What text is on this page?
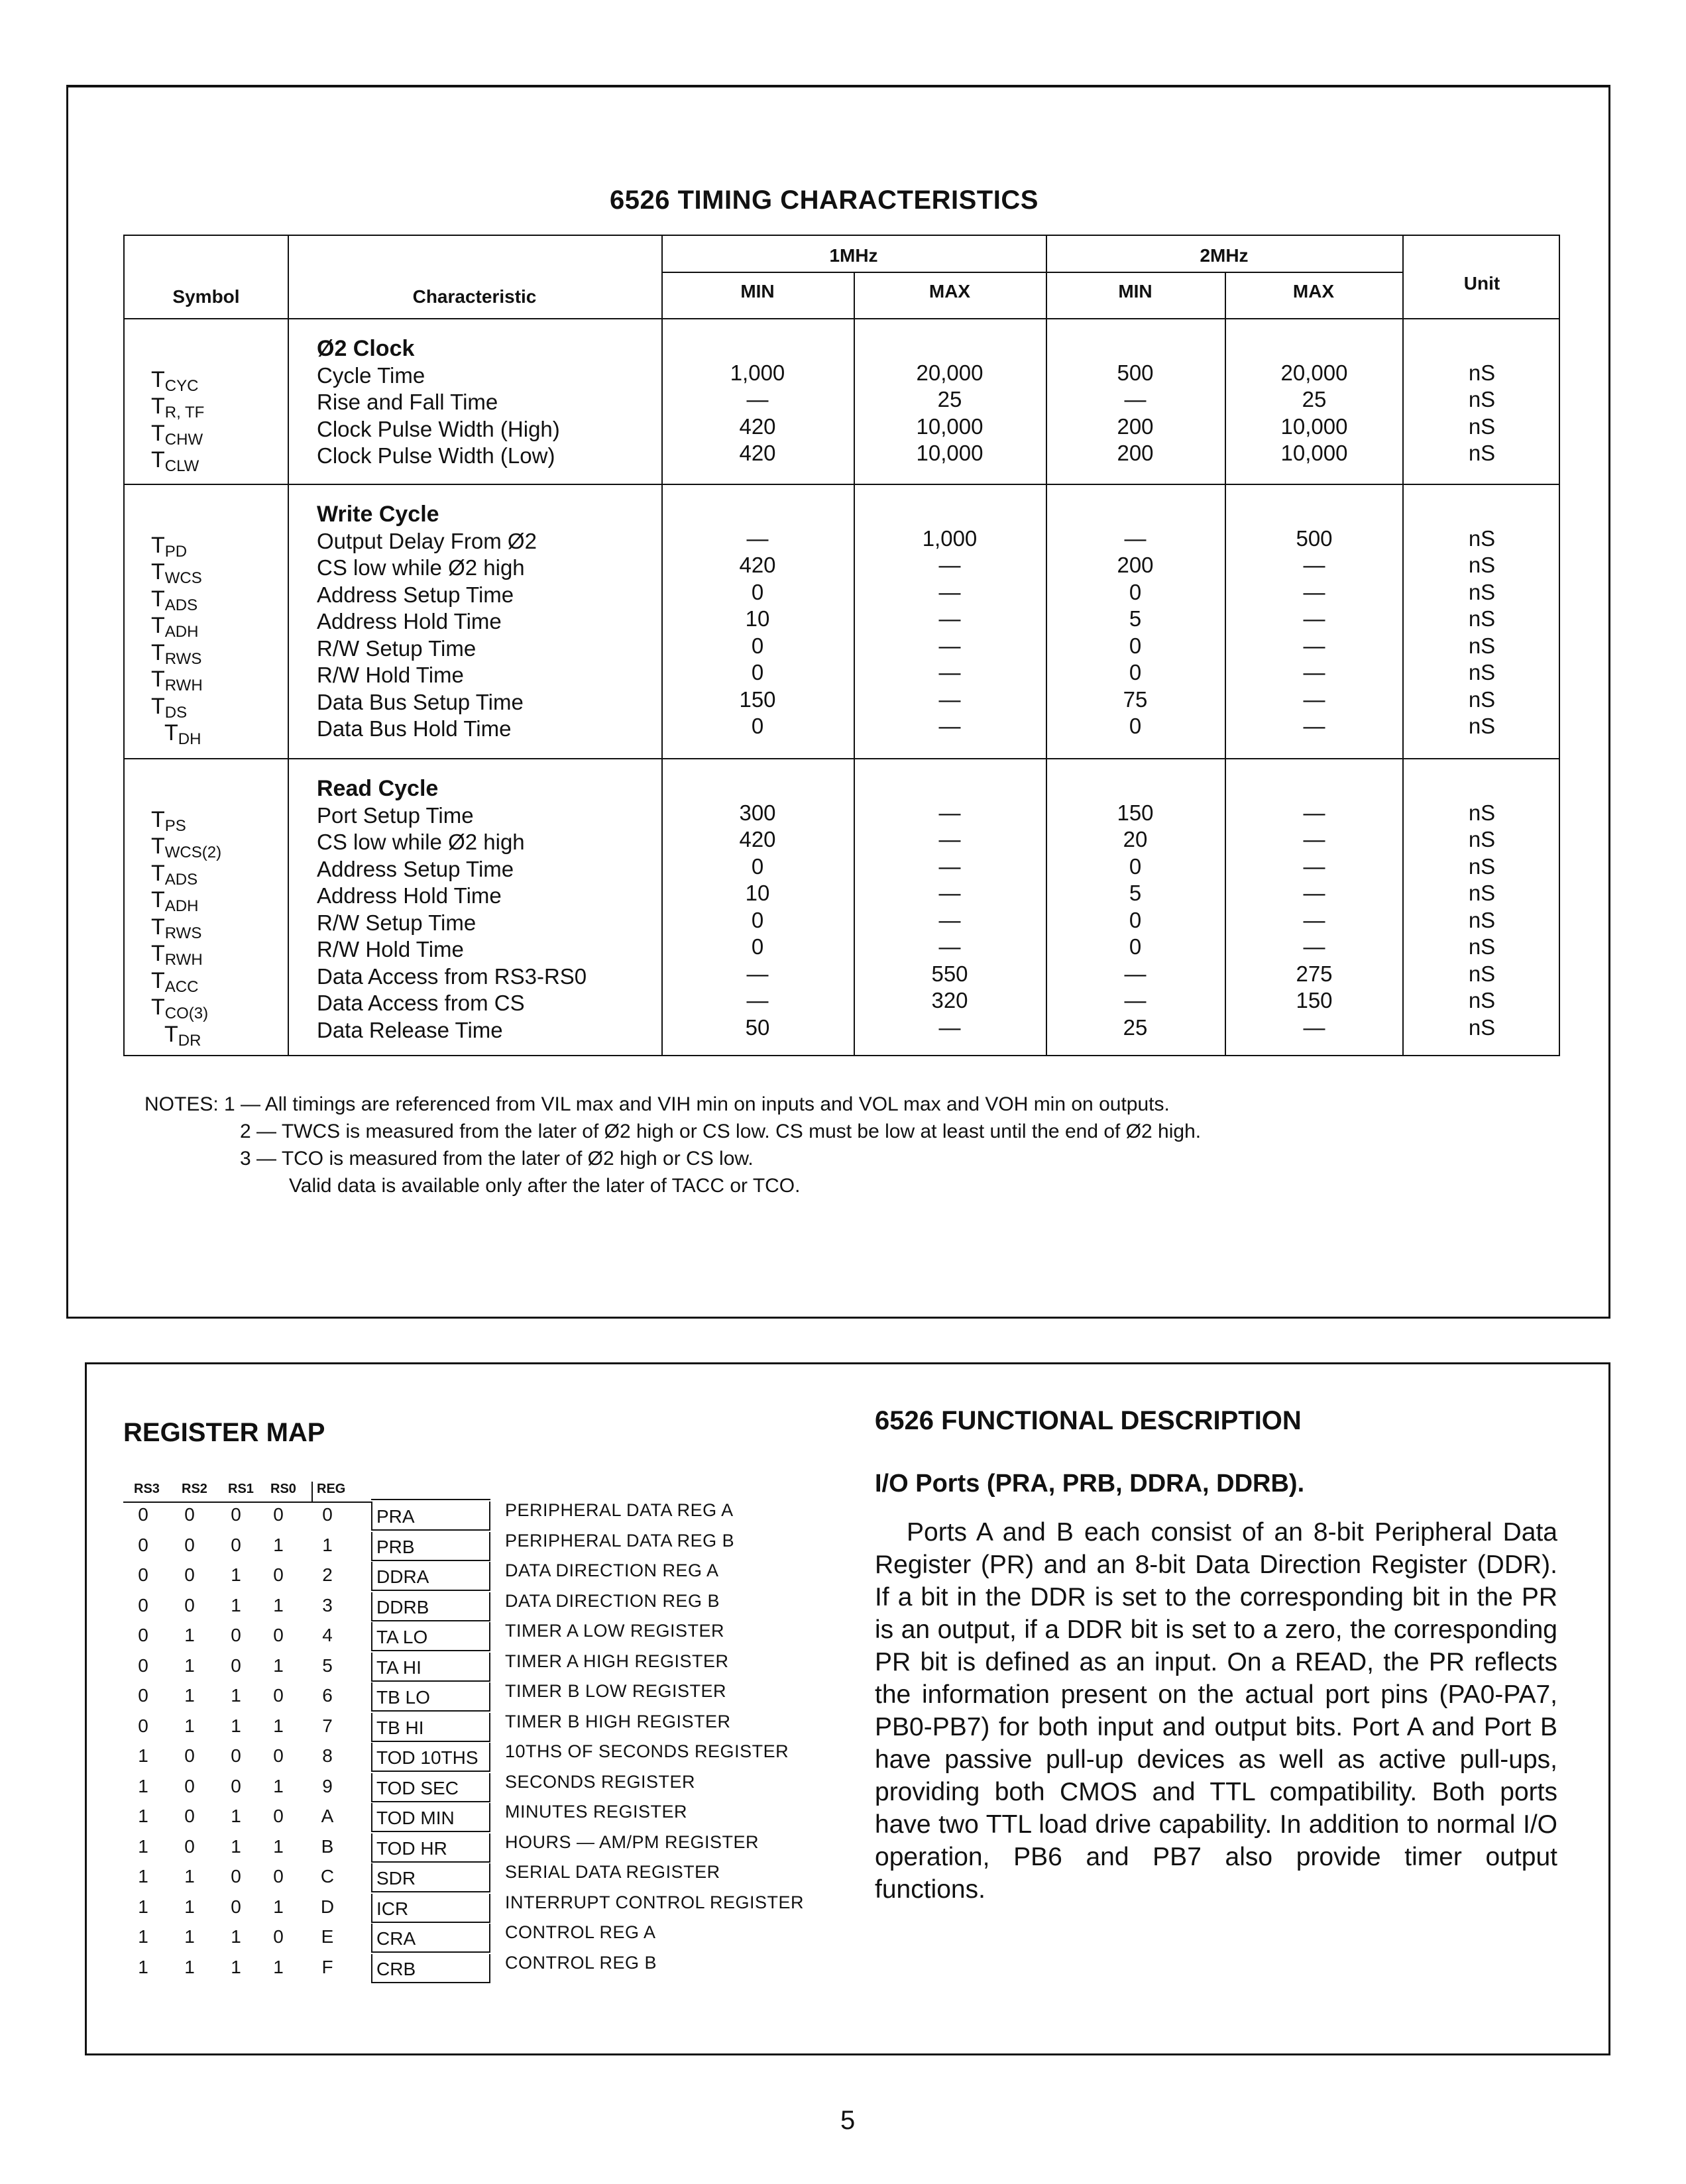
6526 TIMING CHARACTERISTICS
Symbol	Characteristic
1MHz	2MHz
MIN	MAX	MIN	MAX	Unit
Ø2 Clock
$T_{CYC}$	Cycle Time	1,000	20,000	500	20,000	nS
$T_{R, TF}$	Rise and Fall Time	—	25	—	25	nS
$T_{CHW}$	Clock Pulse Width (High)	420	10,000	200	10,000	nS
$T_{CLW}$	Clock Pulse Width (Low)	420	10,000	200	10,000	nS
Write Cycle
$T_{PD}$	Output Delay From Ø2	—	1,000	—	500	nS
$T_{WCS}$	CS low while Ø2 high	420	—	200	—	nS
$T_{ADS}$	Address Setup Time	0	—	0	—	nS
$T_{ADH}$	Address Hold Time	10	—	5	—	nS
$T_{RWS}$	R/W Setup Time	0	—	0	—	nS
$T_{RWH}$	R/W Hold Time	0	—	0	—	nS
$T_{DS}$	Data Bus Setup Time	150	—	75	—	nS
$T_{DH}$	Data Bus Hold Time	0	—	0	—	nS
Read Cycle
$T_{PS}$	Port Setup Time	300	—	150	—	nS
$T_{WCS(2)}$	CS low while Ø2 high	420	—	20	—	nS
$T_{ADS}$	Address Setup Time	0	—	0	—	nS
$T_{ADH}$	Address Hold Time	10	—	5	—	nS
$T_{RWS}$	R/W Setup Time	0	—	0	—	nS
$T_{RWH}$	R/W Hold Time	0	—	0	—	nS
$T_{ACC}$	Data Access from RS3-RS0	—	550	—	275	nS
$T_{CO(3)}$	Data Access from CS	—	320	—	150	nS
$T_{DR}$	Data Release Time	50	—	25	—	nS
NOTES: 1 — All timings are referenced from VIL max and VIH min on inputs and VOL max and VOH min on outputs.
2 — TWCS is measured from the later of Ø2 high or CS low. CS must be low at least until the end of Ø2 high.
3 — TCO is measured from the later of Ø2 high or CS low.
Valid data is available only after the later of TACC or TCO.
REGISTER MAP
RS3 RS2 RS1 RS0 REG
0	0	0	0	0	PRA	PERIPHERAL DATA REG A
0	0	0	1	1	PRB	PERIPHERAL DATA REG B
0	0	1	0	2	DDRA	DATA DIRECTION REG A
0	0	1	1	3	DDRB	DATA DIRECTION REG B
0	1	0	0	4	TA LO	TIMER A LOW REGISTER
0	1	0	1	5	TA HI	TIMER A HIGH REGISTER
0	1	1	0	6	TB LO	TIMER B LOW REGISTER
0	1	1	1	7	TB HI	TIMER B HIGH REGISTER
1	0	0	0	8	TOD 10THS	10THS OF SECONDS REGISTER
1	0	0	1	9	TOD SEC	SECONDS REGISTER
1	0	1	0	A	TOD MIN	MINUTES REGISTER
1	0	1	1	B	TOD HR	HOURS — AM/PM REGISTER
1	1	0	0	C	SDR	SERIAL DATA REGISTER
1	1	0	1	D	ICR	INTERRUPT CONTROL REGISTER
1	1	1	0	E	CRA	CONTROL REG A
1	1	1	1	F	CRB	CONTROL REG B
6526 FUNCTIONAL DESCRIPTION
I/O Ports (PRA, PRB, DDRA, DDRB).
Ports A and B each consist of an 8-bit Peripheral Data Register (PR) and an 8-bit Data Direction Register (DDR). If a bit in the DDR is set to the corresponding bit in the PR is an output, if a DDR bit is set to a zero, the corresponding PR bit is defined as an input. On a READ, the PR reflects the information present on the actual port pins (PA0-PA7, PB0-PB7) for both input and output bits. Port A and Port B have passive pull-up devices as well as active pull-ups, providing both CMOS and TTL compatibility. Both ports have two TTL load drive capability. In addition to normal I/O operation, PB6 and PB7 also provide timer output functions.
5
